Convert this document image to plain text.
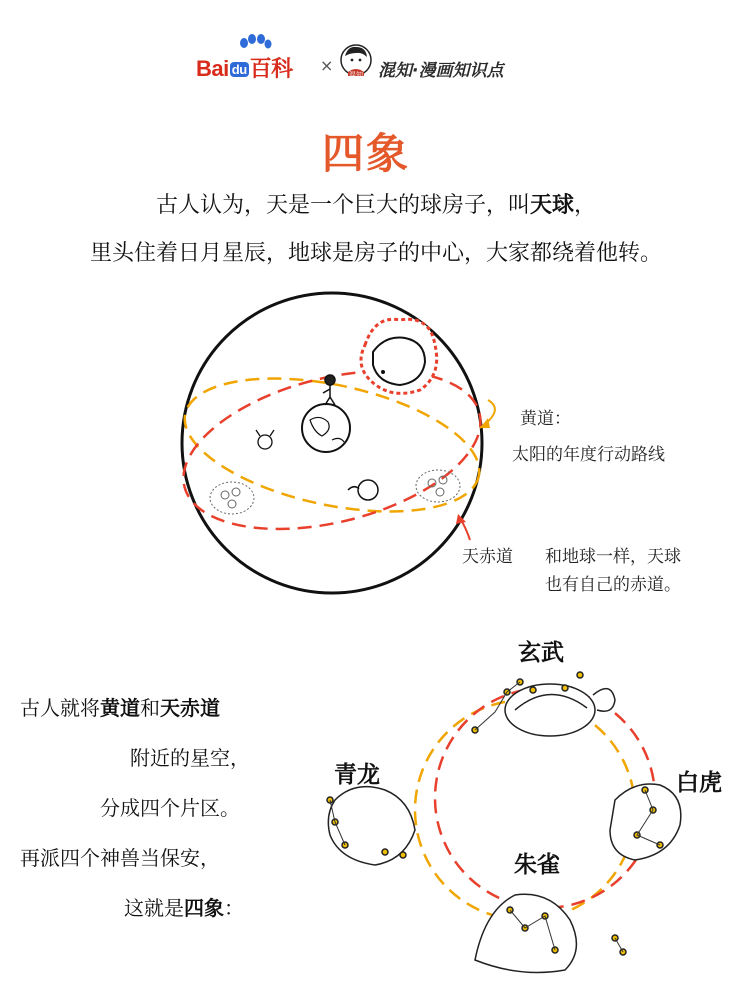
Bai du 百科 × 混知 混知·漫画知识点
四象
古人认为，天是一个巨大的球房子，叫天球，
里头住着日月星辰，地球是房子的中心，大家都绕着他转。
黄道：
太阳的年度行动路线
天赤道 和地球一样，天球
也有自己的赤道。
古人就将黄道和天赤道
附近的星空，
分成四个片区。
再派四个神兽当保安，
这就是四象：
玄武
青龙	白虎
朱雀
